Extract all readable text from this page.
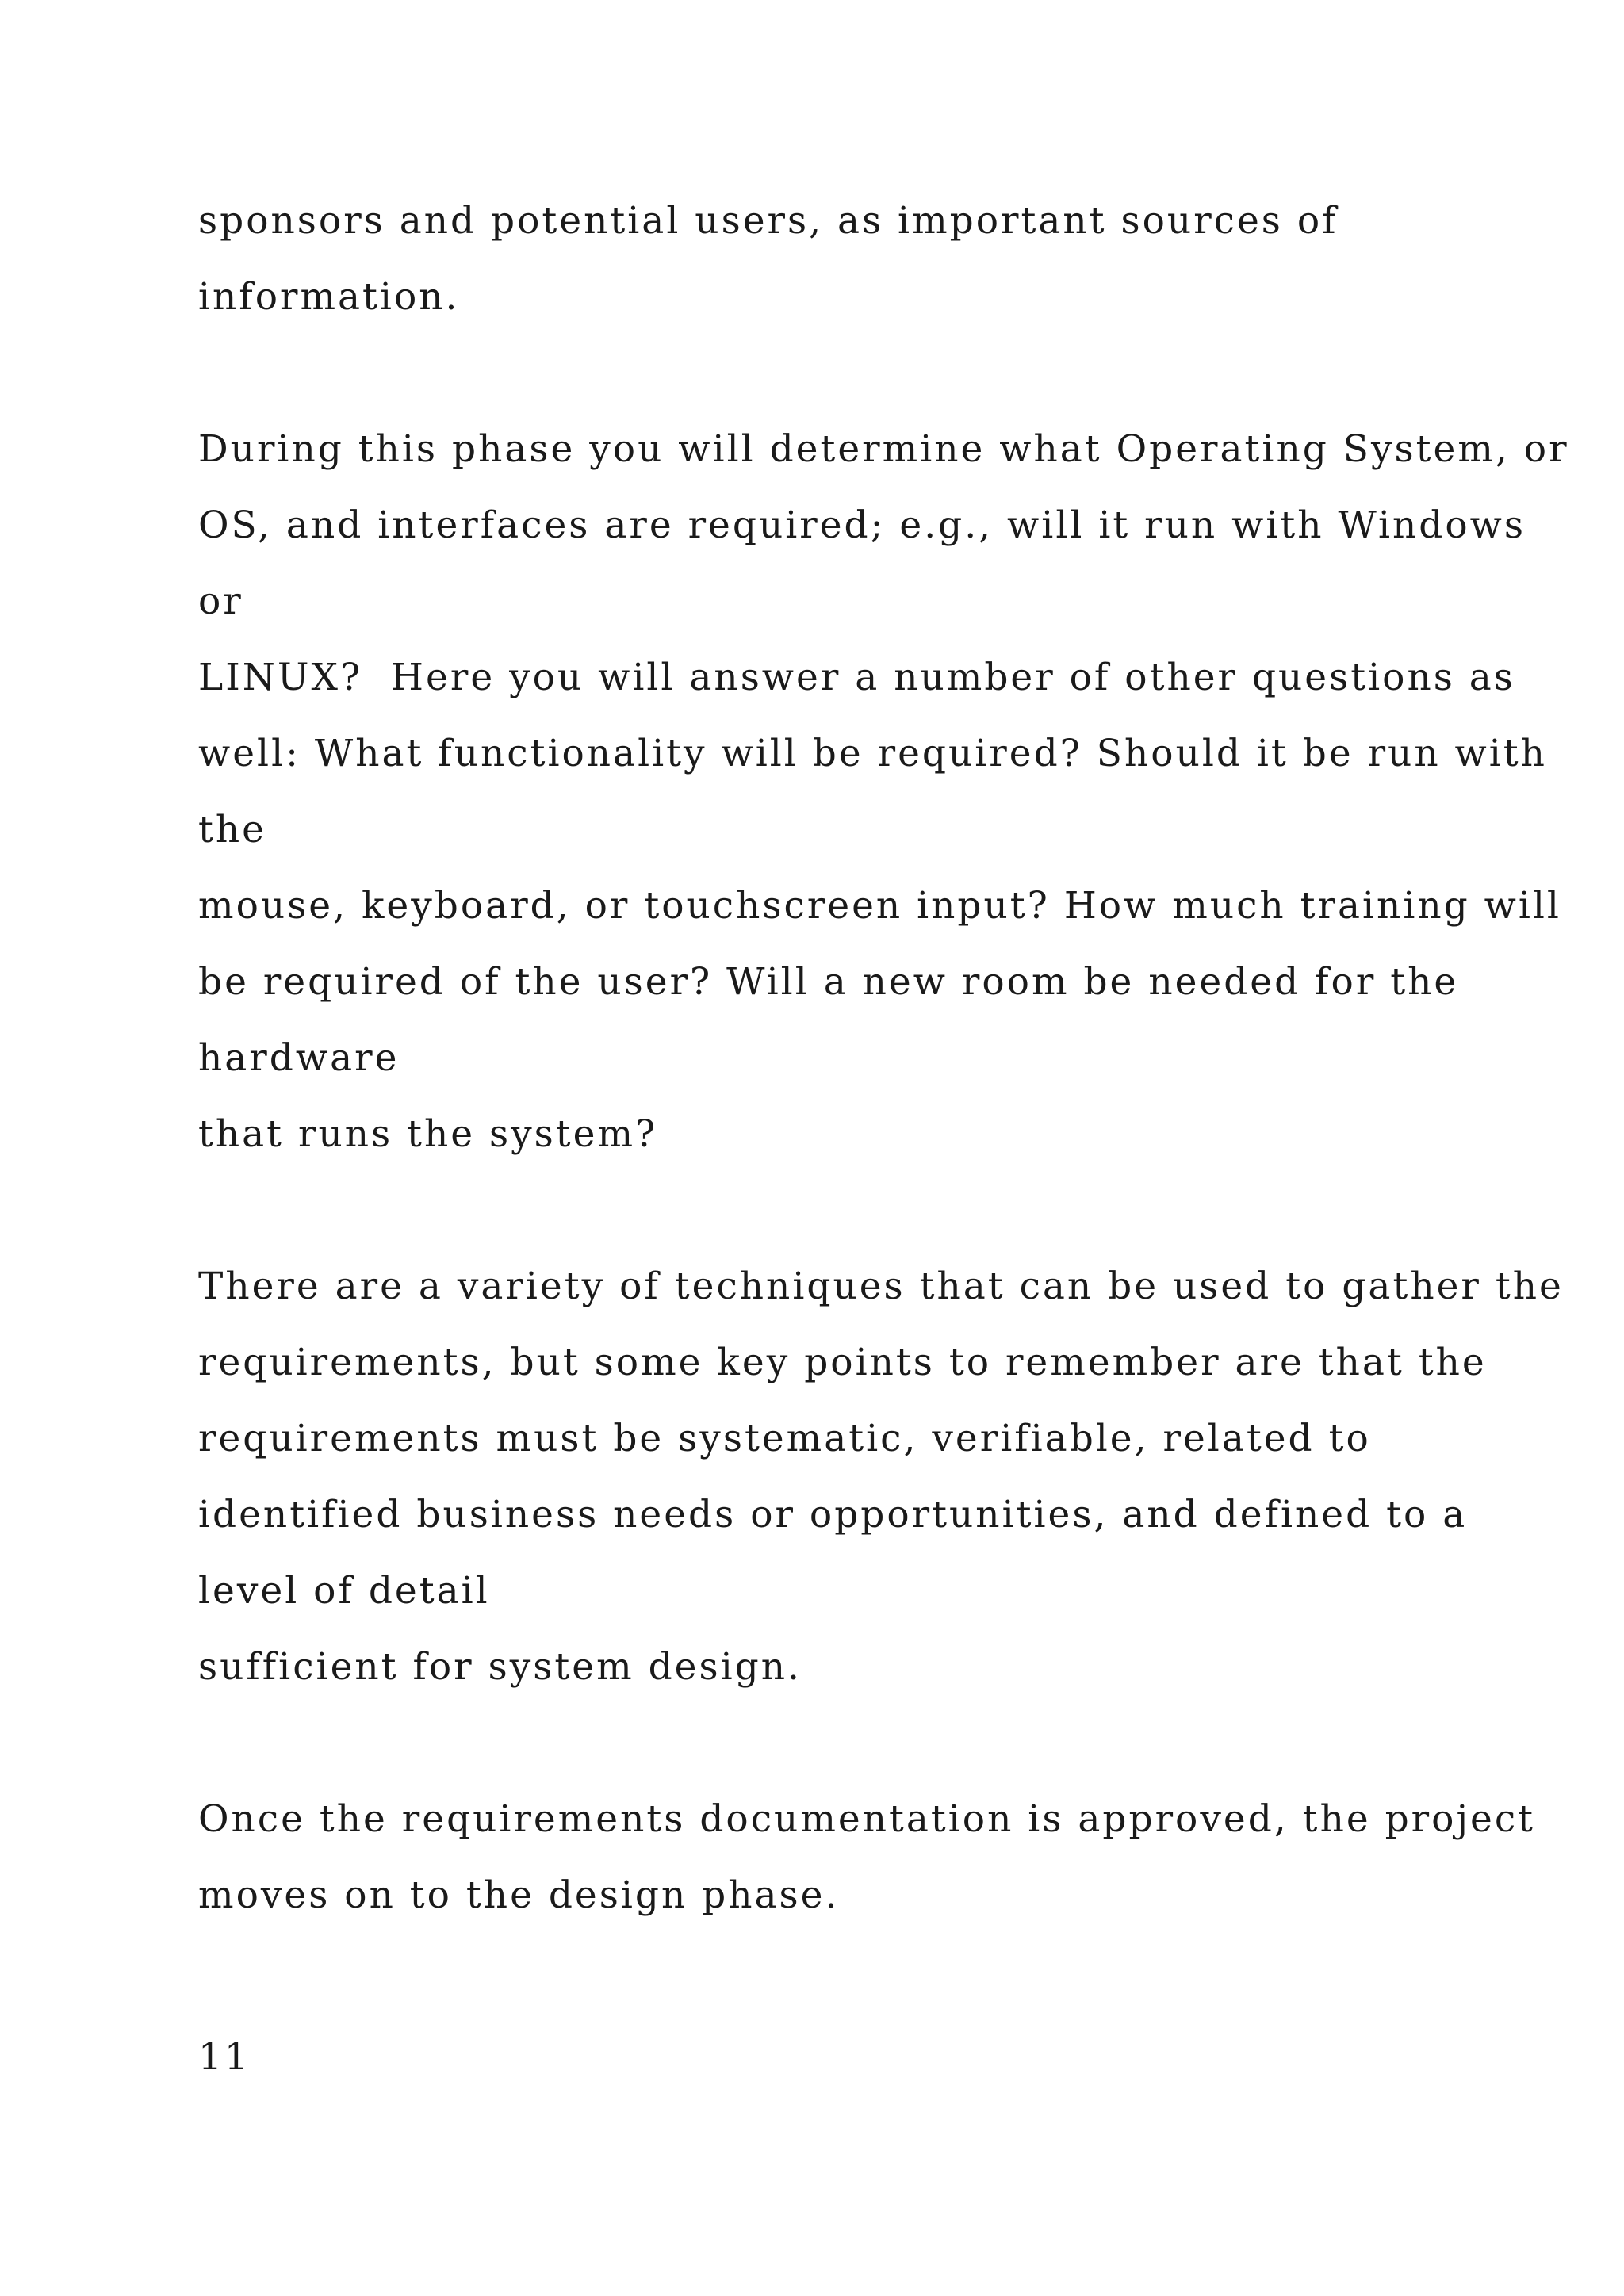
sponsors and potential users, as important sources of
information.
During this phase you will determine what Operating System, or
OS, and interfaces are required; e.g., will it run with Windows
or
LINUX?  Here you will answer a number of other questions as
well: What functionality will be required? Should it be run with
the
mouse, keyboard, or touchscreen input? How much training will
be required of the user? Will a new room be needed for the
hardware
that runs the system?
There are a variety of techniques that can be used to gather the
requirements, but some key points to remember are that the
requirements must be systematic, verifiable, related to
identified business needs or opportunities, and defined to a
level of detail
sufficient for system design.
Once the requirements documentation is approved, the project
moves on to the design phase.
11
